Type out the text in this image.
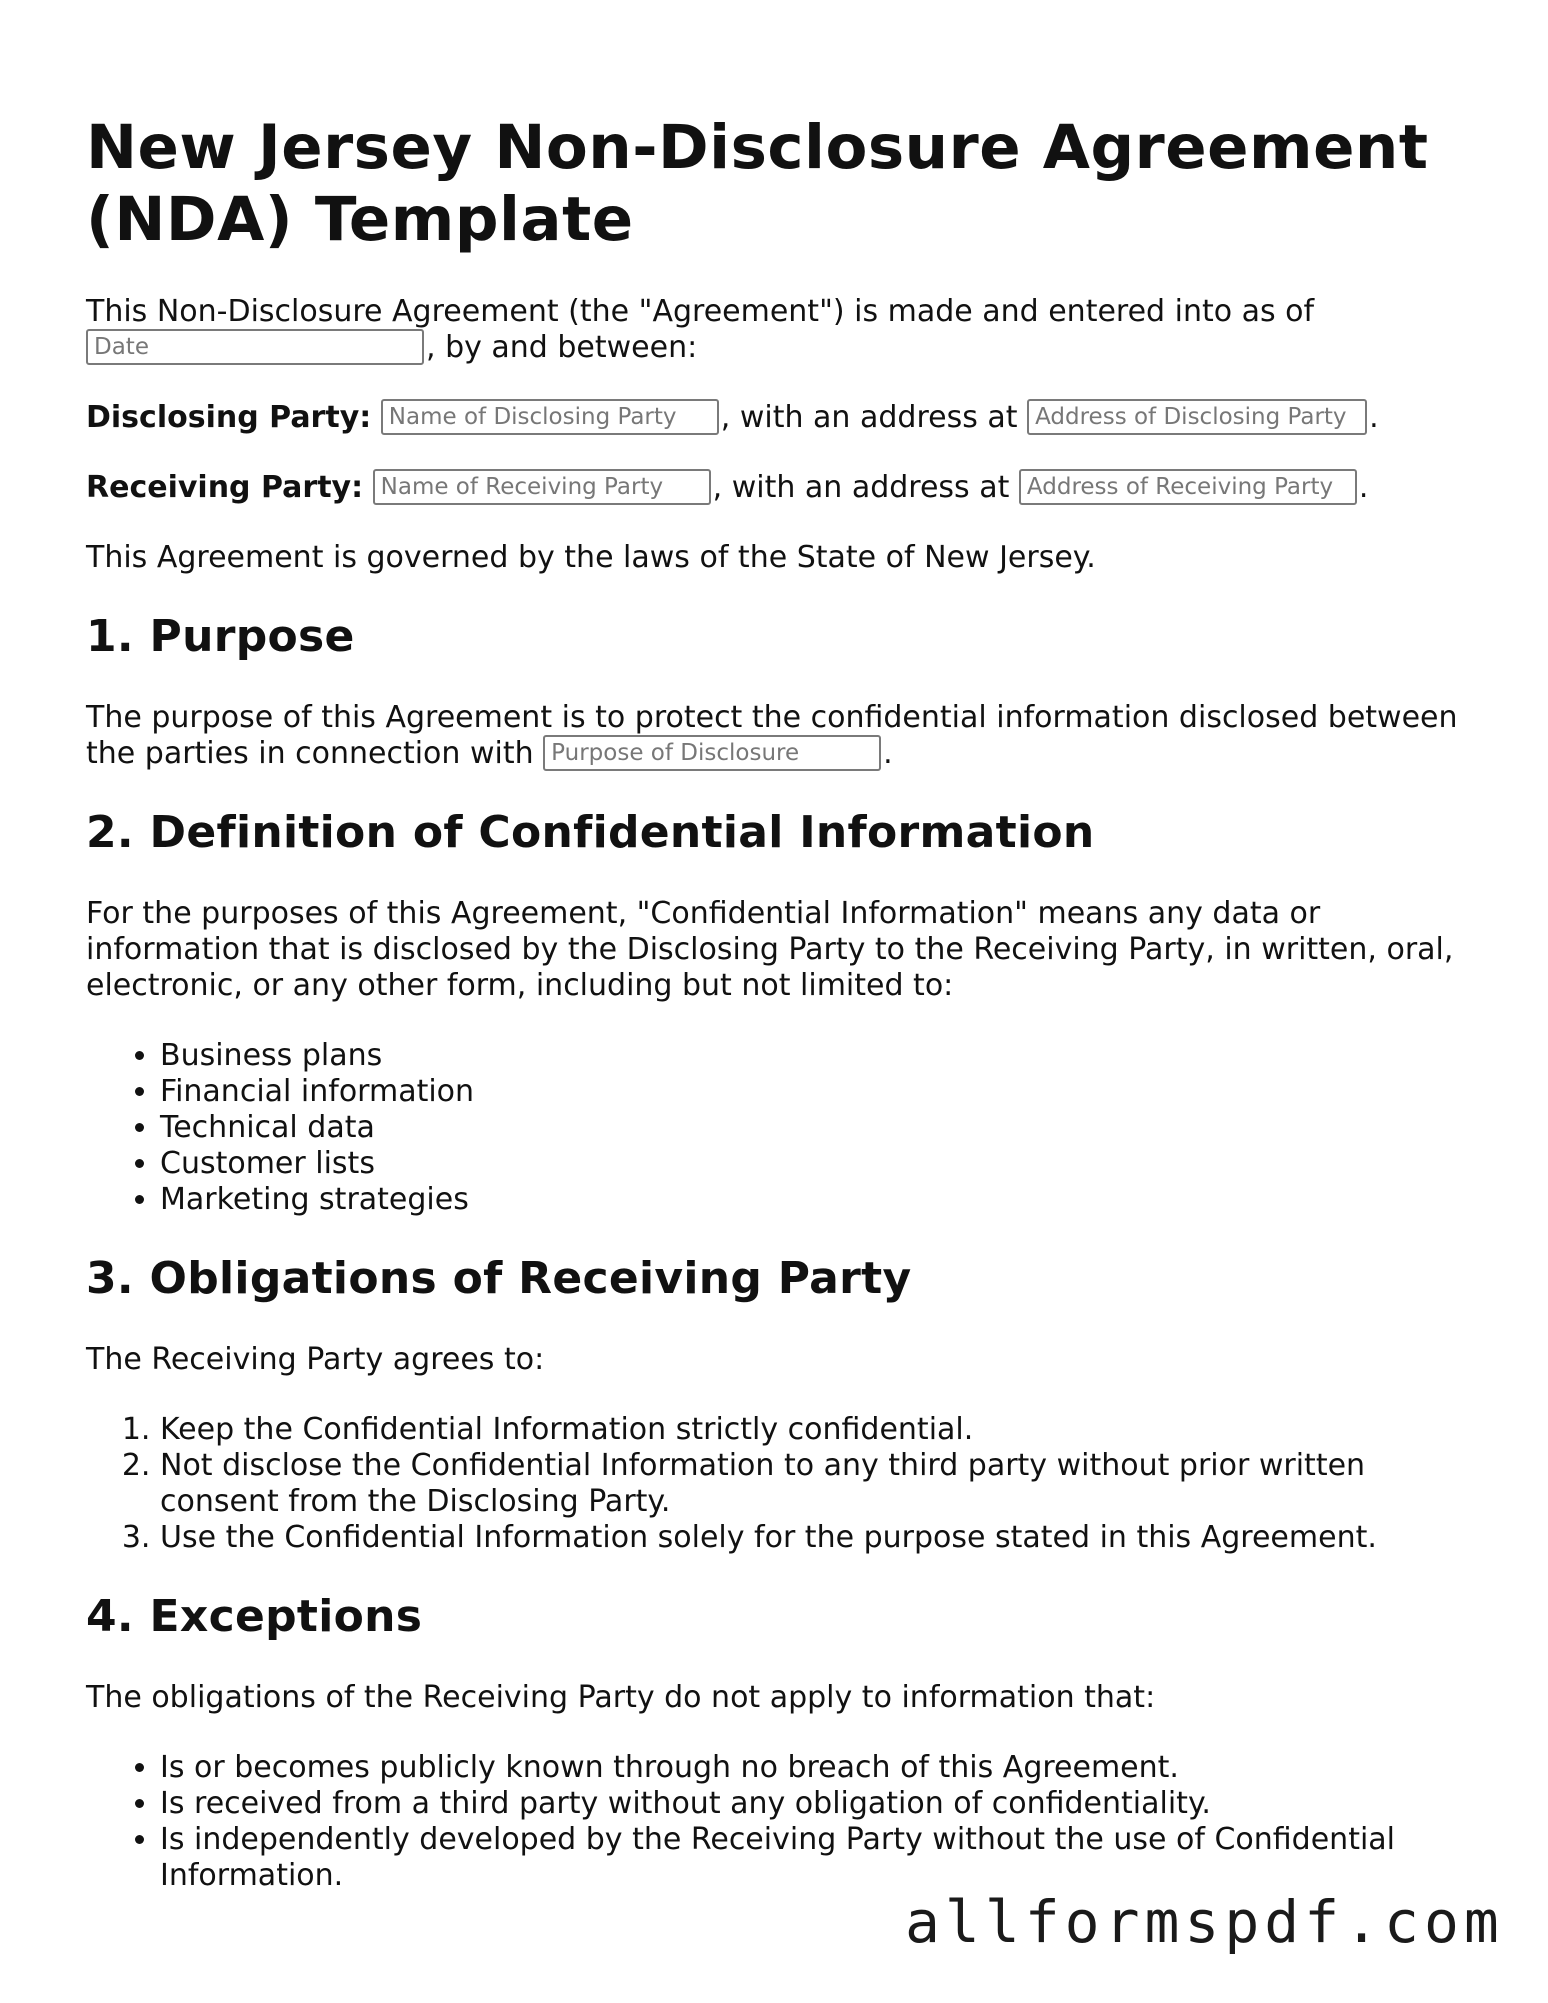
New Jersey Non-Disclosure Agreement (NDA) Template

This Non-Disclosure Agreement (the "Agreement") is made and entered into as of
Date, by and between:

Disclosing Party: Name of Disclosing Party	, with an address at Address of Disclosing Party	.

Receiving Party: Name of Receiving Party	, with an address at Address of Receiving Party	.

This Agreement is governed by the laws of the State of New Jersey.

1. Purpose

The purpose of this Agreement is to protect the confidential information disclosed between the parties in connection with Purpose of Disclosure	.

2. Definition of Confidential Information

For the purposes of this Agreement, "Confidential Information" means any data or information that is disclosed by the Disclosing Party to the Receiving Party, in written, oral, electronic, or any other form, including but not limited to:

• Business plans
• Financial information
• Technical data
• Customer lists
• Marketing strategies
3. Obligations of Receiving Party

The Receiving Party agrees to:

1. Keep the Confidential Information strictly confidential.
2. Not disclose the Confidential Information to any third party without prior written consent from the Disclosing Party.
3. Use the Confidential Information solely for the purpose stated in this Agreement.
4. Exceptions

The obligations of the Receiving Party do not apply to information that:

• Is or becomes publicly known through no breach of this Agreement.
• Is received from a third party without any obligation of confidentiality.
• Is independently developed by the Receiving Party without the use of Confidential Information.
allformspdf.com
